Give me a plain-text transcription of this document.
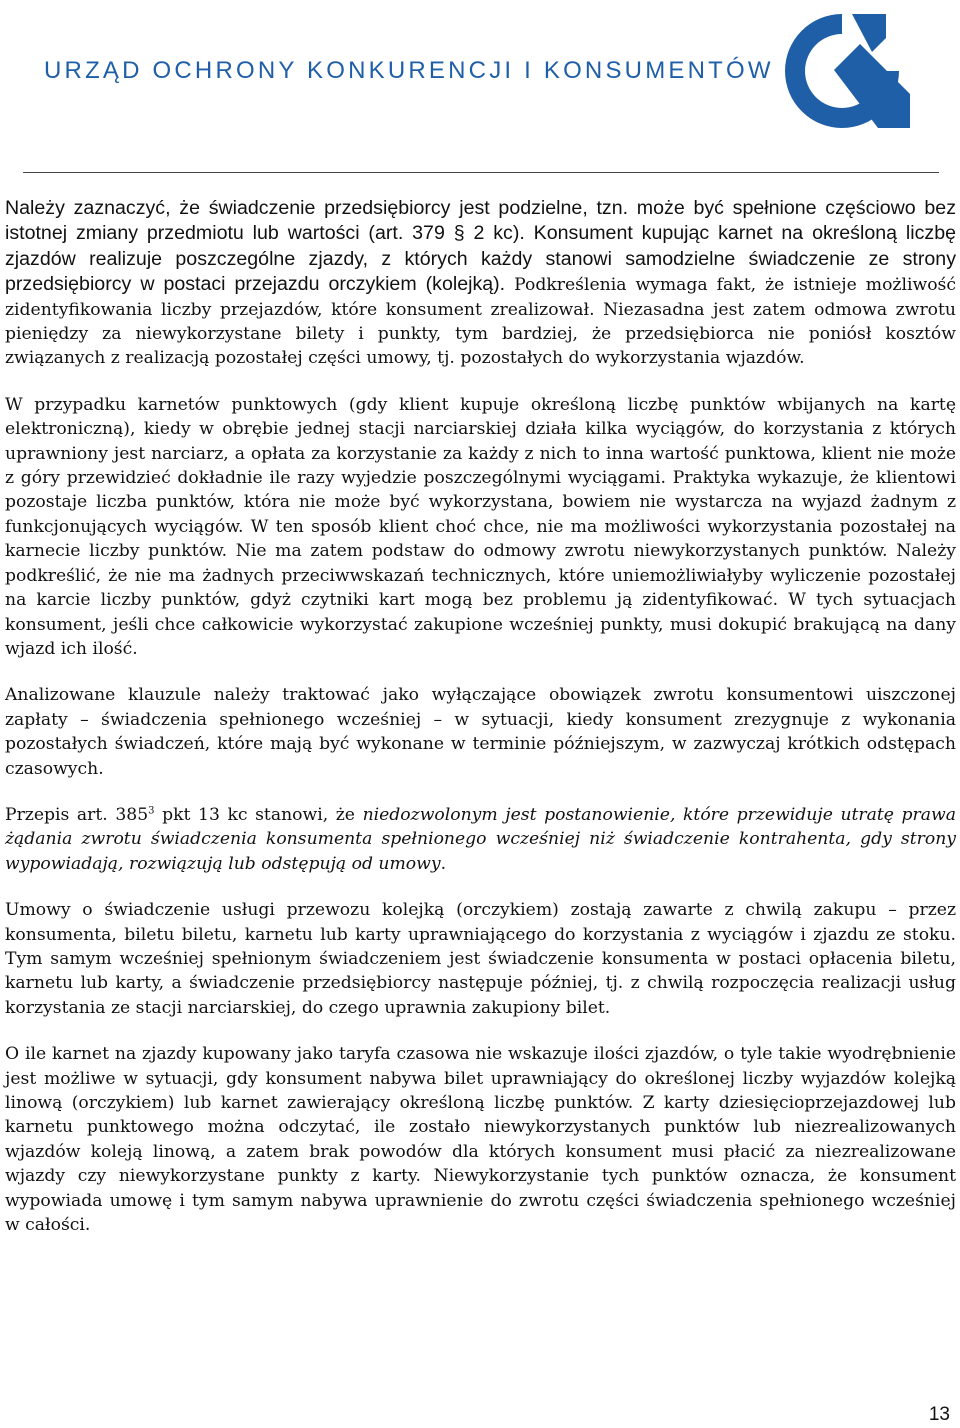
URZĄD OCHRONY KONKURENCJI I KONSUMENTÓW

Należy zaznaczyć, że świadczenie przedsiębiorcy jest podzielne, tzn. może być spełnione częściowo bez istotnej zmiany przedmiotu lub wartości (art. 379 § 2 kc). Konsument kupując karnet na określoną liczbę zjazdów realizuje poszczególne zjazdy, z których każdy stanowi samodzielne świadczenie ze strony przedsiębiorcy w postaci przejazdu orczykiem (kolejką). Podkreślenia wymaga fakt, że istnieje możliwość zidentyfikowania liczby przejazdów, które konsument zrealizował. Niezasadna jest zatem odmowa zwrotu pieniędzy za niewykorzystane bilety i punkty, tym bardziej, że przedsiębiorca nie poniósł kosztów związanych z realizacją pozostałej części umowy, tj. pozostałych do wykorzystania wjazdów.

W przypadku karnetów punktowych (gdy klient kupuje określoną liczbę punktów wbijanych na kartę elektroniczną), kiedy w obrębie jednej stacji narciarskiej działa kilka wyciągów, do korzystania z których uprawniony jest narciarz, a opłata za korzystanie za każdy z nich to inna wartość punktowa, klient nie może z góry przewidzieć dokładnie ile razy wyjedzie poszczególnymi wyciągami. Praktyka wykazuje, że klientowi pozostaje liczba punktów, która nie może być wykorzystana, bowiem nie wystarcza na wyjazd żadnym z funkcjonujących wyciągów. W ten sposób klient choć chce, nie ma możliwości wykorzystania pozostałej na karnecie liczby punktów. Nie ma zatem podstaw do odmowy zwrotu niewykorzystanych punktów. Należy podkreślić, że nie ma żadnych przeciwwskazań technicznych, które uniemożliwiałyby wyliczenie pozostałej na karcie liczby punktów, gdyż czytniki kart mogą bez problemu ją zidentyfikować. W tych sytuacjach konsument, jeśli chce całkowicie wykorzystać zakupione wcześniej punkty, musi dokupić brakującą na dany wjazd ich ilość.

Analizowane klauzule należy traktować jako wyłączające obowiązek zwrotu konsumentowi uiszczonej zapłaty – świadczenia spełnionego wcześniej – w sytuacji, kiedy konsument zrezygnuje z wykonania pozostałych świadczeń, które mają być wykonane w terminie późniejszym, w zazwyczaj krótkich odstępach czasowych.

Przepis art. $385^3$ pkt 13 kc stanowi, że niedozwolonym jest postanowienie, które przewiduje utratę prawa żądania zwrotu świadczenia konsumenta spełnionego wcześniej niż świadczenie kontrahenta, gdy strony wypowiadają, rozwiązują lub odstępują od umowy.

Umowy o świadczenie usługi przewozu kolejką (orczykiem) zostają zawarte z chwilą zakupu – przez konsumenta, biletu biletu, karnetu lub karty uprawniającego do korzystania z wyciągów i zjazdu ze stoku. Tym samym wcześniej spełnionym świadczeniem jest świadczenie konsumenta w postaci opłacenia biletu, karnetu lub karty, a świadczenie przedsiębiorcy następuje później, tj. z chwilą rozpoczęcia realizacji usług korzystania ze stacji narciarskiej, do czego uprawnia zakupiony bilet.

O ile karnet na zjazdy kupowany jako taryfa czasowa nie wskazuje ilości zjazdów, o tyle takie wyodrębnienie jest możliwe w sytuacji, gdy konsument nabywa bilet uprawniający do określonej liczby wyjazdów kolejką linową (orczykiem) lub karnet zawierający określoną liczbę punktów. Z karty dziesięcioprzejazdowej lub karnetu punktowego można odczytać, ile zostało niewykorzystanych punktów lub niezrealizowanych wjazdów koleją linową, a zatem brak powodów dla których konsument musi płacić za niezrealizowane wjazdy czy niewykorzystane punkty z karty. Niewykorzystanie tych punktów oznacza, że konsument wypowiada umowę i tym samym nabywa uprawnienie do zwrotu części świadczenia spełnionego wcześniej w całości.

13
